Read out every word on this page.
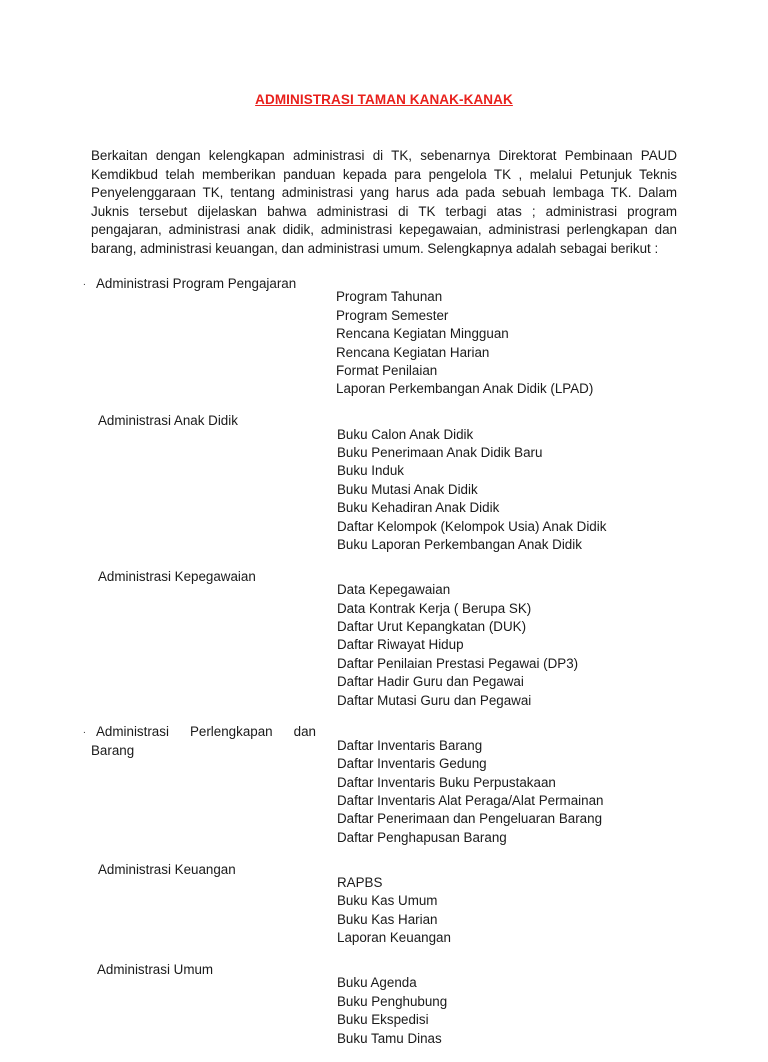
ADMINISTRASI TAMAN KANAK-KANAK

Berkaitan dengan kelengkapan administrasi di TK, sebenarnya Direktorat Pembinaan PAUD Kemdikbud telah memberikan panduan kepada para pengelola TK , melalui Petunjuk Teknis Penyelenggaraan TK, tentang administrasi yang harus ada pada sebuah lembaga TK. Dalam Juknis tersebut dijelaskan bahwa administrasi di TK terbagi atas ; administrasi program pengajaran, administrasi anak didik, administrasi kepegawaian, administrasi perlengkapan dan barang, administrasi keuangan, dan administrasi umum. Selengkapnya adalah sebagai berikut :

. Administrasi Program Pengajaran
Program Tahunan
Program Semester
Rencana Kegiatan Mingguan
Rencana Kegiatan Harian
Format Penilaian
Laporan Perkembangan Anak Didik (LPAD)
Administrasi Anak Didik
Buku Calon Anak Didik
Buku Penerimaan Anak Didik Baru
Buku Induk
Buku Mutasi Anak Didik
Buku Kehadiran Anak Didik
Daftar Kelompok (Kelompok Usia) Anak Didik
Buku Laporan Perkembangan Anak Didik
Administrasi Kepegawaian
Data Kepegawaian
Data Kontrak Kerja ( Berupa SK)
Daftar Urut Kepangkatan (DUK)
Daftar Riwayat Hidup
Daftar Penilaian Prestasi Pegawai (DP3)
Daftar Hadir Guru dan Pegawai
Daftar Mutasi Guru dan Pegawai
. Administrasi Perlengkapan dan
Barang	Daftar Inventaris Barang
Daftar Inventaris Gedung
Daftar Inventaris Buku Perpustakaan
Daftar Inventaris Alat Peraga/Alat Permainan
Daftar Penerimaan dan Pengeluaran Barang
Daftar Penghapusan Barang
Administrasi Keuangan
RAPBS
Buku Kas Umum
Buku Kas Harian
Laporan Keuangan
Administrasi Umum
Buku Agenda
Buku Penghubung
Buku Ekspedisi
Buku Tamu Dinas
